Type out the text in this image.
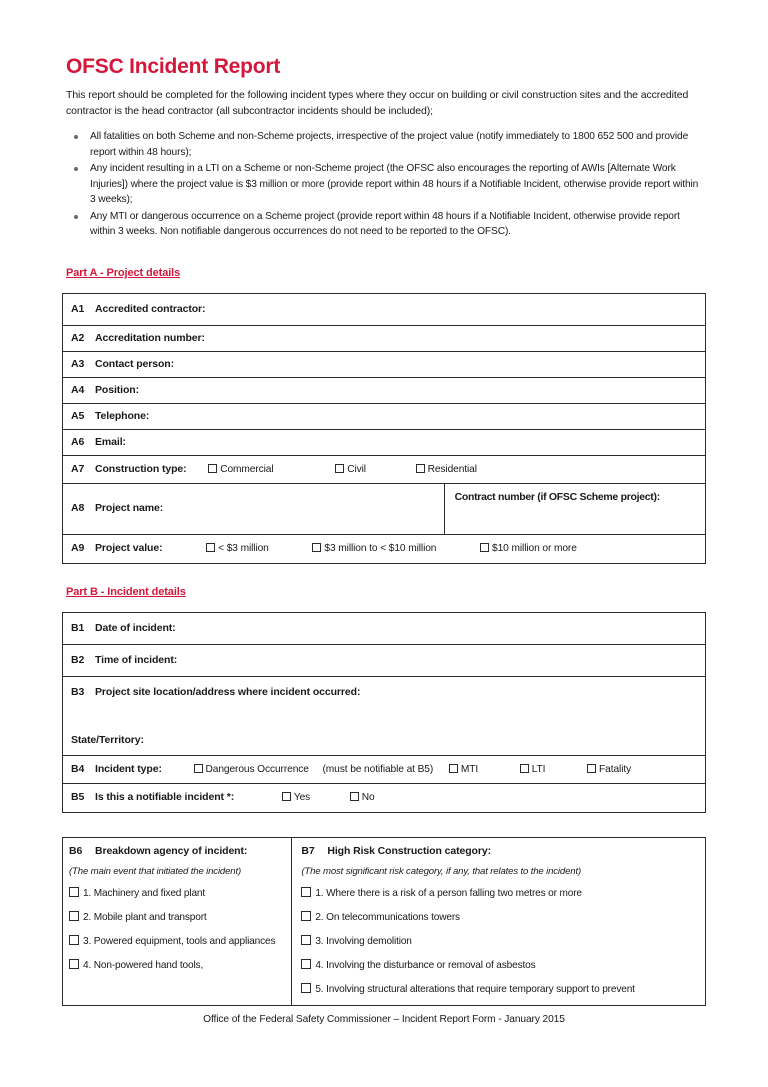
OFSC Incident Report

This report should be completed for the following incident types where they occur on building or civil construction sites and the accredited contractor is the head contractor (all subcontractor incidents should be included);

All fatalities on both Scheme and non-Scheme projects, irrespective of the project value (notify immediately to 1800 652 500 and provide report within 48 hours);
Any incident resulting in a LTI on a Scheme or non-Scheme project (the OFSC also encourages the reporting of AWIs [Alternate Work Injuries]) where the project value is $3 million or more (provide report within 48 hours if a Notifiable Incident, otherwise provide report within 3 weeks);
Any MTI or dangerous occurrence on a Scheme project (provide report within 48 hours if a Notifiable Incident, otherwise provide report within 3 weeks. Non notifiable dangerous occurrences do not need to be reported to the OFSC).
Part A - Project details
A1 Accredited contractor:

A2 Accreditation number:

A3 Contact person:

A4 Position:

A5 Telephone:

A6 Email:

A7 Construction type:	Commercial	Civil	Residential

A8 Project name:

Contract number (if OFSC Scheme project):

A9 Project value:	< $3 million	$3 million to < $10 million	$10 million or more
Part B - Incident details
B1 Date of incident:

B2 Time of incident:

B3 Project site location/address where incident occurred:
State/Territory:

B4 Incident type:	Dangerous Occurrence (must be notifiable at B5)	MTI	LTI	Fatality

B5 Is this a notifiable incident *:	Yes	No
B6 Breakdown agency of incident:
(The main event that initiated the incident)
1. Machinery and fixed plant
2. Mobile plant and transport
3. Powered equipment, tools and appliances
4. Non-powered hand tools,

B7 High Risk Construction category:
(The most significant risk category, if any, that relates to the incident)
1. Where there is a risk of a person falling two metres or more
2. On telecommunications towers
3. Involving demolition
4. Involving the disturbance or removal of asbestos
5. Involving structural alterations that require temporary support to prevent
Office of the Federal Safety Commissioner – Incident Report Form - January 2015
